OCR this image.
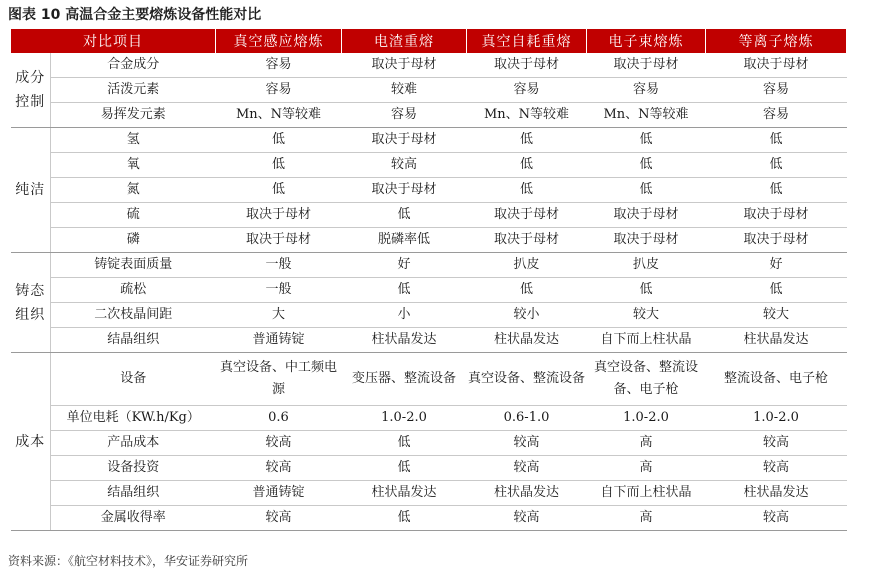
图表 10 高温合金主要熔炼设备性能对比
对比项目		真空感应熔炼	电渣重熔	真空自耗重熔	电子束熔炼	等离子熔炼
成分控制	合金成分	容易	取决于母材	取决于母材	取决于母材	取决于母材
	活泼元素	容易	较难	容易	容易	容易
	易挥发元素	Mn、N等较难	容易	Mn、N等较难	Mn、N等较难	容易
纯洁	氢	低	取决于母材	低	低	低
	氧	低	较高	低	低	低
	氮	低	取决于母材	低	低	低
	硫	取决于母材	低	取决于母材	取决于母材	取决于母材
	磷	取决于母材	脱磷率低	取决于母材	取决于母材	取决于母材
铸态组织	铸锭表面质量	一般	好	扒皮	扒皮	好
	疏松	一般	低	低	低	低
	二次枝晶间距	大	小	较小	较大	较大
	结晶组织	普通铸锭	柱状晶发达	柱状晶发达	自下而上柱状晶	柱状晶发达
成本	设备	真空设备、中工频电源	变压器、整流设备	真空设备、整流设备	真空设备、整流设备、电子枪	整流设备、电子枪
	单位电耗（KW.h/Kg）	0.6	1.0-2.0	0.6-1.0	1.0-2.0	1.0-2.0
	产品成本	较高	低	较高	高	较高
	设备投资	较高	低	较高	高	较高
	结晶组织	普通铸锭	柱状晶发达	柱状晶发达	自下而上柱状晶	柱状晶发达
	金属收得率	较高	低	较高	高	较高
资料来源：《航空材料技术》，华安证券研究所
